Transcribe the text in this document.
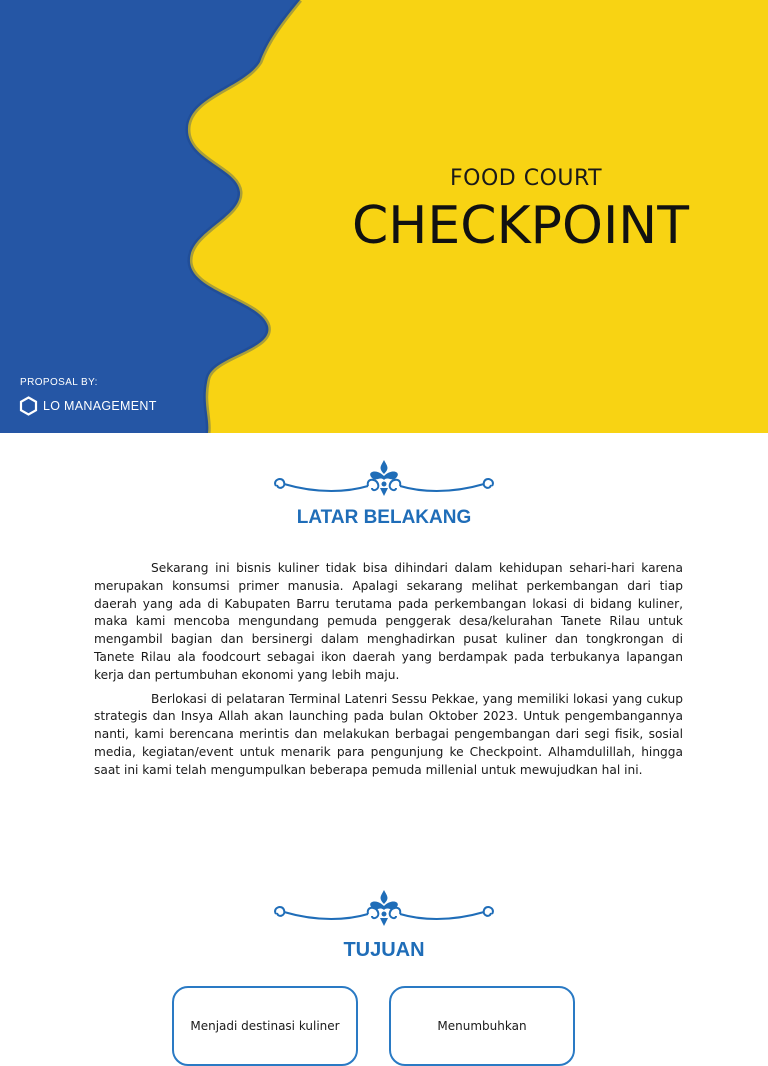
FOOD COURT
CHECKPOINT
PROPOSAL BY:
LO MANAGEMENT
LATAR BELAKANG

Sekarang ini bisnis kuliner tidak bisa dihindari dalam kehidupan sehari-hari karena merupakan konsumsi primer manusia. Apalagi sekarang melihat perkembangan dari tiap daerah yang ada di Kabupaten Barru terutama pada perkembangan lokasi di bidang kuliner, maka kami mencoba mengundang pemuda penggerak desa/kelurahan Tanete Rilau untuk mengambil bagian dan bersinergi dalam menghadirkan pusat kuliner dan tongkrongan di Tanete Rilau ala foodcourt sebagai ikon daerah yang berdampak pada terbukanya lapangan kerja dan pertumbuhan ekonomi yang lebih maju.

Berlokasi di pelataran Terminal Latenri Sessu Pekkae, yang memiliki lokasi yang cukup strategis dan Insya Allah akan launching pada bulan Oktober 2023. Untuk pengembangannya nanti, kami berencana merintis dan melakukan berbagai pengembangan dari segi fisik, sosial media, kegiatan/event untuk menarik para pengunjung ke Checkpoint. Alhamdulillah, hingga saat ini kami telah mengumpulkan beberapa pemuda millenial untuk mewujudkan hal ini.

TUJUAN
Menjadi destinasi kuliner	Menumbuhkan
